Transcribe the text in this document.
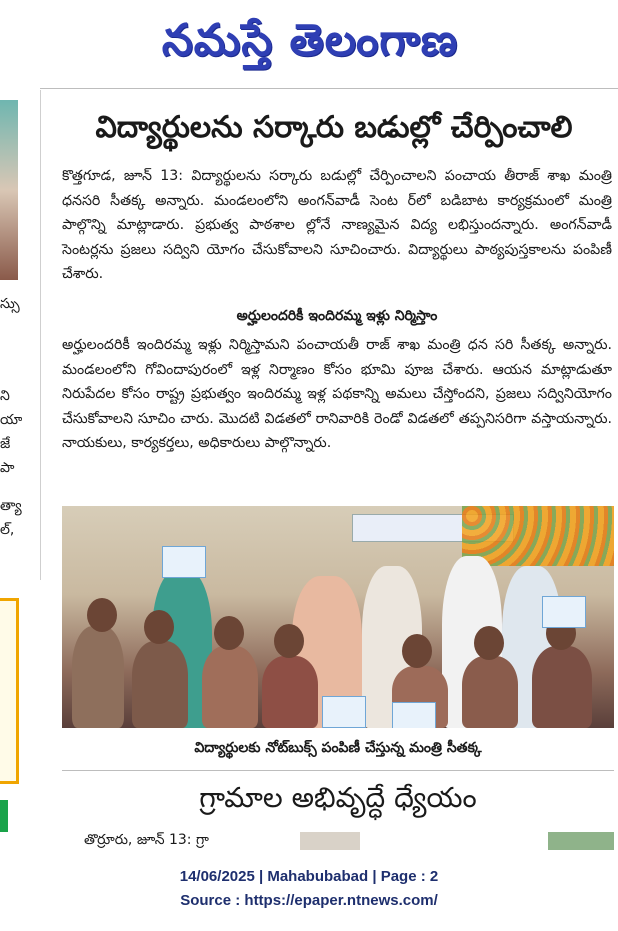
నమస్తే తెలంగాణ
స్సు
ని
యా
జే
పా
త్యా
ల్,
విద్యార్థులను సర్కారు బడుల్లో చేర్పించాలి

కొత్తగూడ, జూన్ 13: విద్యార్థులను సర్కారు బడుల్లో చేర్పించాలని పంచాయ తీరాజ్ శాఖ మంత్రి ధనసరి సీతక్క అన్నారు. మండలంలోని అంగన్‌వాడీ సెంట ర్‌లో బడిబాట కార్యక్రమంలో మంత్రి పాల్గొన్ని మాట్లాడారు. ప్రభుత్వ పాఠశాల ల్లోనే నాణ్యమైన విద్య లభిస్తుందన్నారు. అంగన్‌వాడీ సెంటర్లను ప్రజలు సద్విని యోగం చేసుకోవాలని సూచించారు. విద్యార్థులు పాఠ్యపుస్తకాలను పంపిణీ చేశారు.

అర్హులందరికీ ఇందిరమ్మ ఇళ్లు నిర్మిస్తాం

అర్హులందరికీ ఇందిరమ్మ ఇళ్లు నిర్మిస్తామని పంచాయతీ రాజ్ శాఖ మంత్రి ధన సరి సీతక్క అన్నారు. మండలంలోని గోవిందాపురంలో ఇళ్ల నిర్మాణం కోసం భూమి పూజ చేశారు. ఆయన మాట్లాడుతూ నిరుపేదల కోసం రాష్ట్ర ప్రభుత్వం ఇందిరమ్మ ఇళ్ల పథకాన్ని అమలు చేస్తోందని, ప్రజలు సద్వినియోగం చేసుకోవాలని సూచిం చారు. మొదటి విడతలో రానివారికి రెండో విడతలో తప్పనిసరిగా వస్తాయన్నారు. నాయకులు, కార్యకర్తలు, అధికారులు పాల్గొన్నారు.

విద్యార్థులకు నోట్‌బుక్స్ పంపిణీ చేస్తున్న మంత్రి సీతక్క
గ్రామాల అభివృద్ధే ధ్యేయం
తొర్రూరు, జూన్ 13: గ్రా
14/06/2025 | Mahabubabad | Page : 2
Source : https://epaper.ntnews.com/
